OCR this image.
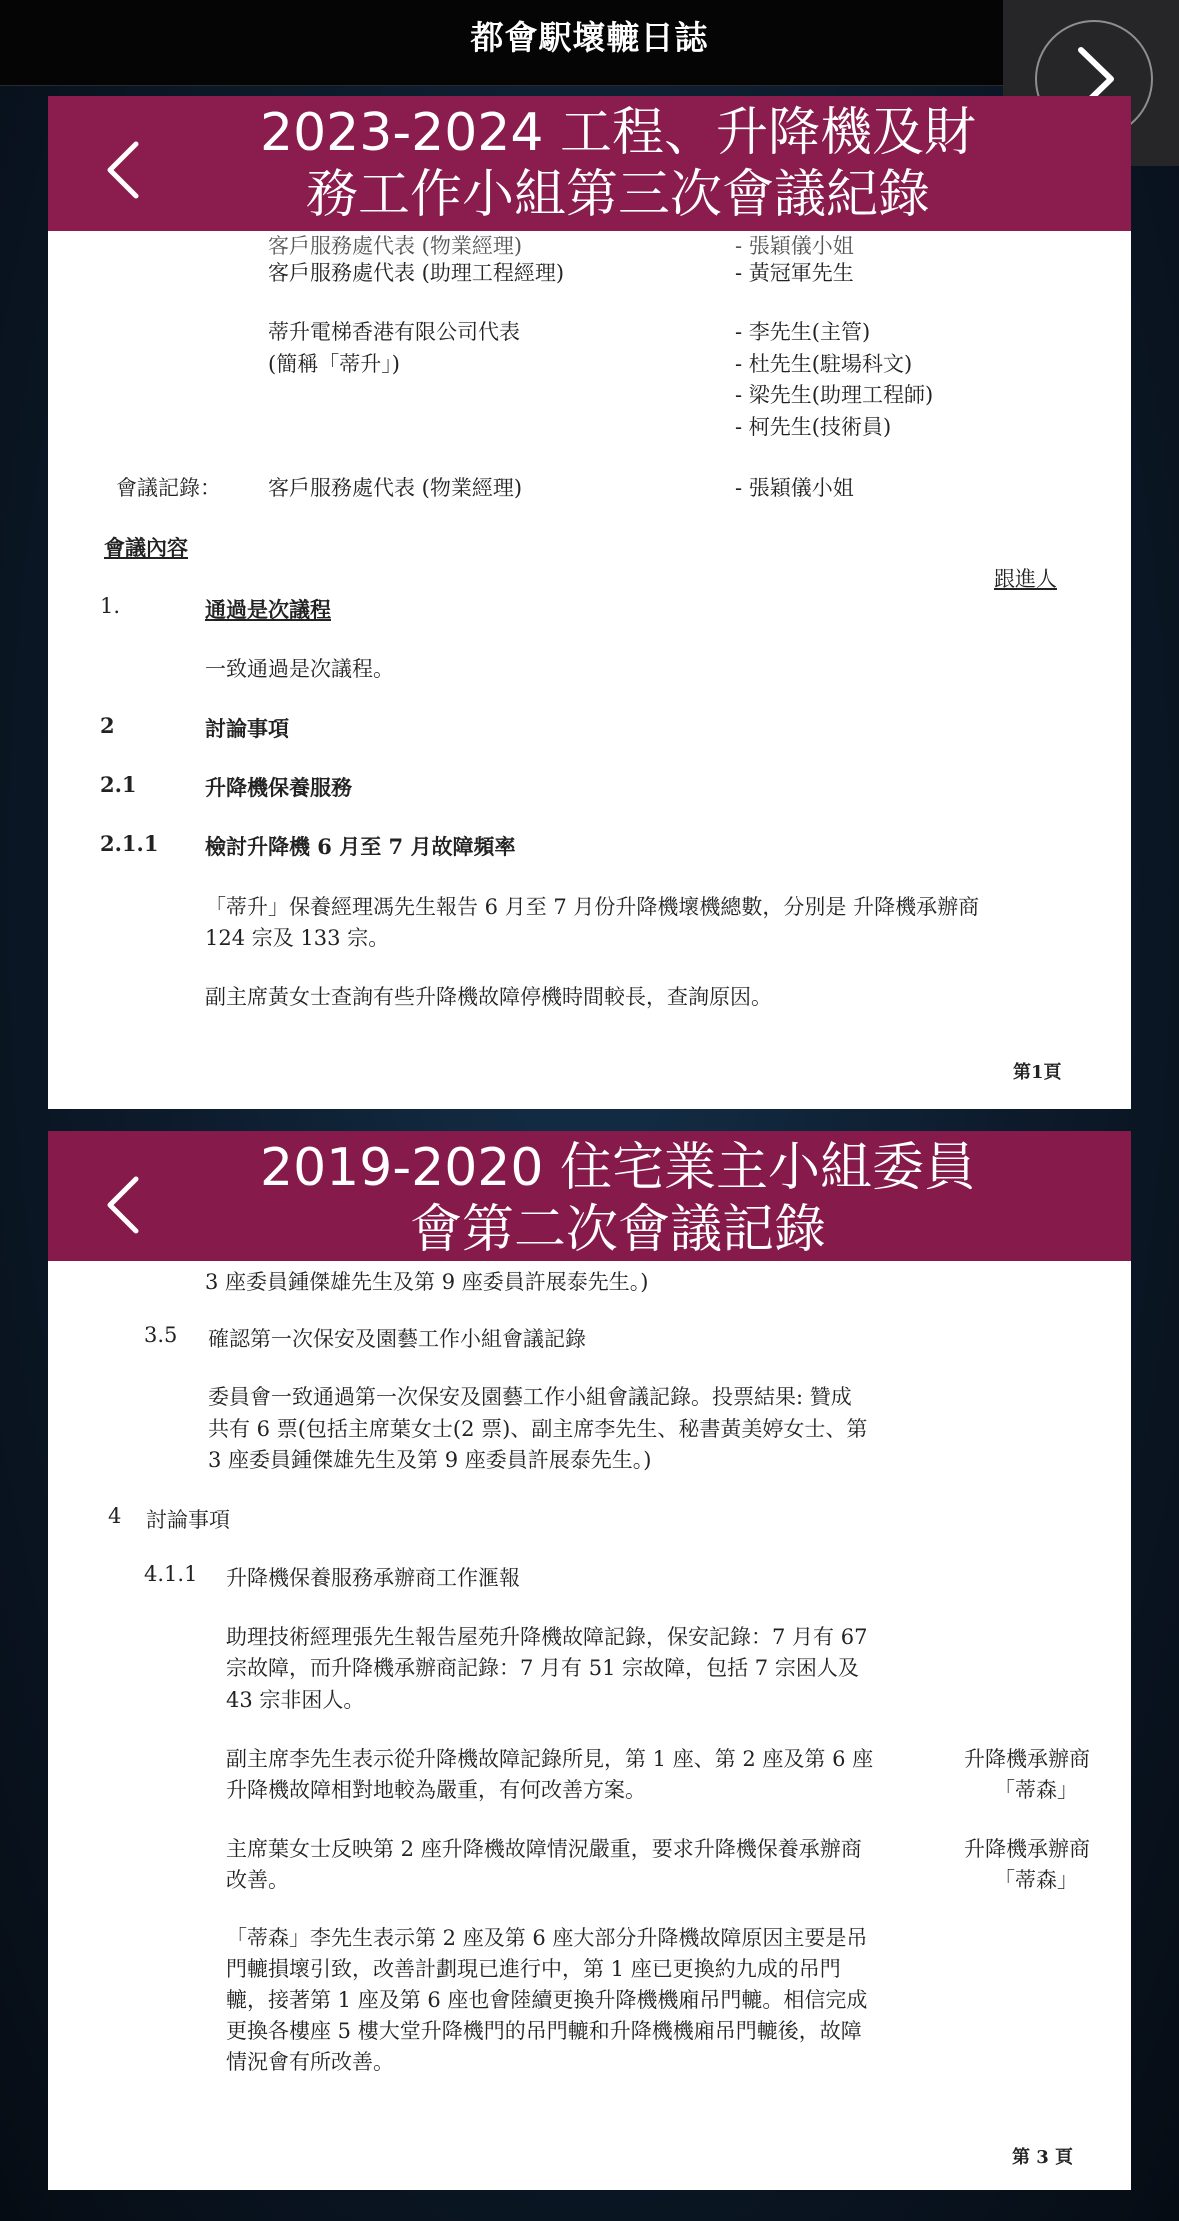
都會駅壞轆日誌
2023-2024 工程、升降機及財
務工作小組第三次會議紀錄
客戶服務處代表 (物業經理)	- 張穎儀小姐
客戶服務處代表 (助理工程經理)	- 黃冠軍先生
蒂升電梯香港有限公司代表	- 李先生(主管)
(簡稱「蒂升」)	- 杜先生(駐場科文)
- 梁先生(助理工程師)
- 柯先生(技術員)
會議記錄： 客戶服務處代表 (物業經理)	- 張穎儀小姐
會議內容
跟進人
1.	通過是次議程
一致通過是次議程。
2	討論事項
2.1	升降機保養服務
2.1.1 檢討升降機 6 月至 7 月故障頻率
「蒂升」保養經理馮先生報告 6 月至 7 月份升降機壞機總數，分別是 升降機承辦商
124 宗及 133 宗。
副主席黃女士查詢有些升降機故障停機時間較長，查詢原因。
第1頁
2019-2020 住宅業主小組委員
會第二次會議記錄
3 座委員鍾傑雄先生及第 9 座委員許展泰先生。)
3.5 確認第一次保安及園藝工作小組會議記錄
委員會一致通過第一次保安及園藝工作小組會議記錄。投票結果: 贊成
共有 6 票(包括主席葉女士(2 票)、副主席李先生、秘書黃美婷女士、第
3 座委員鍾傑雄先生及第 9 座委員許展泰先生。)
4 討論事項
4.1.1 升降機保養服務承辦商工作滙報
助理技術經理張先生報告屋苑升降機故障記錄，保安記錄：7 月有 67
宗故障，而升降機承辦商記錄：7 月有 51 宗故障，包括 7 宗困人及
43 宗非困人。
副主席李先生表示從升降機故障記錄所見，第 1 座、第 2 座及第 6 座
升降機故障相對地較為嚴重，有何改善方案。
升降機承辦商
「蒂森」
主席葉女士反映第 2 座升降機故障情況嚴重，要求升降機保養承辦商
改善。
升降機承辦商
「蒂森」
「蒂森」李先生表示第 2 座及第 6 座大部分升降機故障原因主要是吊
門轆損壞引致，改善計劃現已進行中，第 1 座已更換約九成的吊門
轆，接著第 1 座及第 6 座也會陸續更換升降機機廂吊門轆。相信完成
更換各樓座 5 樓大堂升降機門的吊門轆和升降機機廂吊門轆後，故障
情況會有所改善。
第 3 頁
